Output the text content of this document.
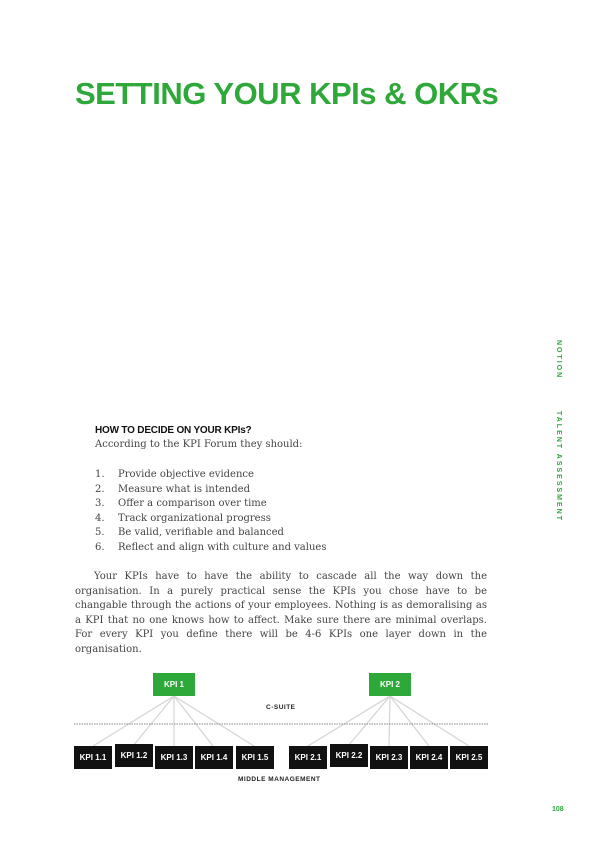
SETTING YOUR KPIs & OKRs
NOTION
TALENT ASSESSMENT
HOW TO DECIDE ON YOUR KPIs?
According to the KPI Forum they should:
1. Provide objective evidence
2. Measure what is intended
3. Offer a comparison over time
4. Track organizational progress
5. Be valid, verifiable and balanced
6. Reflect and align with culture and values

Your KPIs have to have the ability to cascade all the way down the organisation. In a purely practical sense the KPIs you chose have to be changable through the actions of your employees. Nothing is as demoralising as a KPI that no one knows how to affect. Make sure there are minimal overlaps. For every KPI you define there will be 4-6 KPIs one layer down in the organisation.

KPI 1	KPI 2
C-SUITE
KPI 1.1	KPI 1.2	KPI 1.3	KPI 1.4	KPI 1.5	KPI 2.1	KPI 2.2	KPI 2.3	KPI 2.4	KPI 2.5
MIDDLE MANAGEMENT
108
